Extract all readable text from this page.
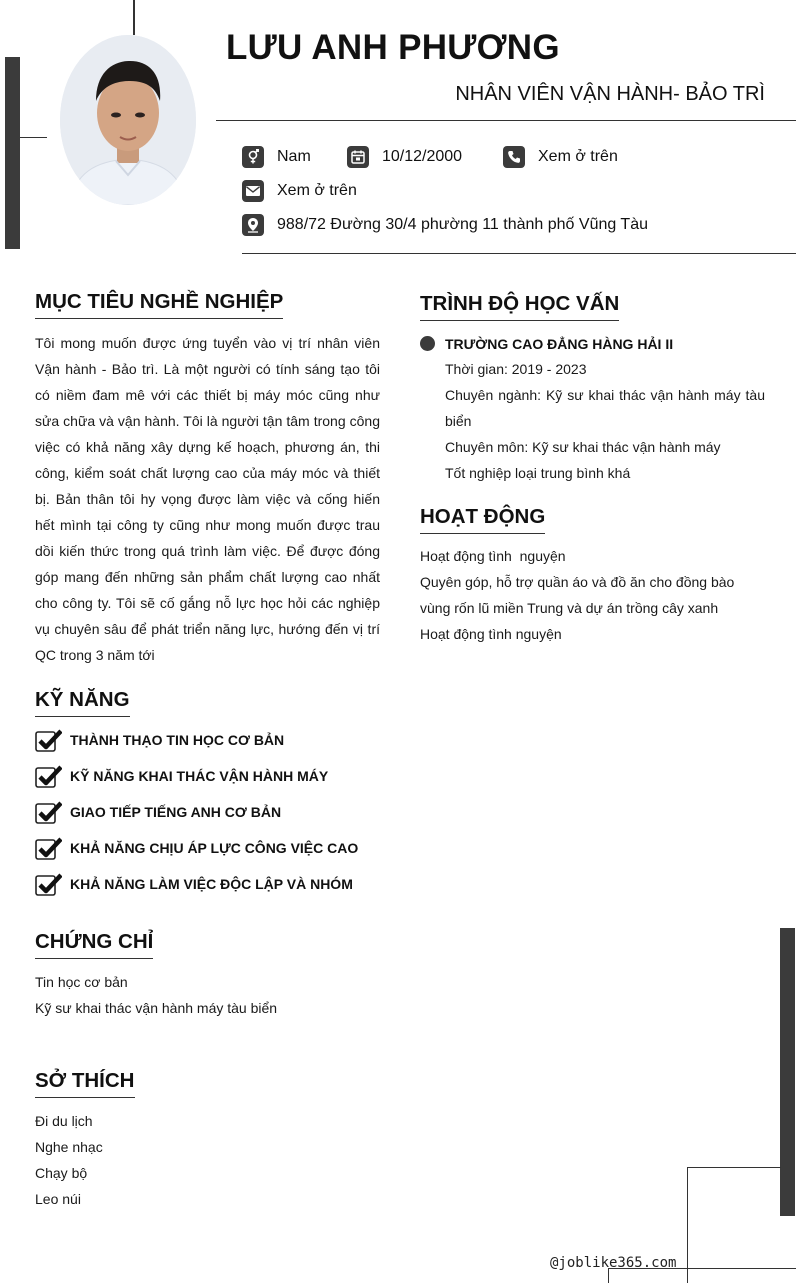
LƯU ANH PHƯƠNG
NHÂN VIÊN VẬN HÀNH- BẢO TRÌ
Nam	10/12/2000	Xem ở trên
Xem ở trên
988/72 Đường 30/4 phường 11 thành phố Vũng Tàu
MỤC TIÊU NGHỀ NGHIỆP
Tôi mong muốn được ứng tuyển vào vị trí nhân viên Vận hành - Bảo trì. Là một người có tính sáng tạo tôi có niềm đam mê với các thiết bị máy móc cũng như sửa chữa và vận hành. Tôi là người tận tâm trong công việc có khả năng xây dựng kế hoạch, phương án, thi công, kiểm soát chất lượng cao của máy móc và thiết bị. Bản thân tôi hy vọng được làm việc và cống hiến hết mình tại công ty cũng như mong muốn được trau dồi kiến thức trong quá trình làm việc. Để được đóng góp mang đến những sản phẩm chất lượng cao nhất cho công ty. Tôi sẽ cố gắng nỗ lực học hỏi các nghiệp vụ chuyên sâu để phát triển năng lực, hướng đến vị trí QC trong 3 năm tới
KỸ NĂNG
THÀNH THẠO TIN HỌC CƠ BẢN
KỸ NĂNG KHAI THÁC VẬN HÀNH MÁY
GIAO TIẾP TIẾNG ANH CƠ BẢN
KHẢ NĂNG CHỊU ÁP LỰC CÔNG VIỆC CAO
KHẢ NĂNG LÀM VIỆC ĐỘC LẬP VÀ NHÓM
CHỨNG CHỈ
Tin học cơ bản
Kỹ sư khai thác vận hành máy tàu biển
SỞ THÍCH
Đi du lịch
Nghe nhạc
Chạy bộ
Leo núi
TRÌNH ĐỘ HỌC VẤN
TRƯỜNG CAO ĐẲNG HÀNG HẢI II
Thời gian: 2019 - 2023
Chuyên ngành: Kỹ sư khai thác vận hành máy tàu biển
Chuyên môn: Kỹ sư khai thác vận hành máy
Tốt nghiệp loại trung bình khá
HOẠT ĐỘNG
Hoạt động tình  nguyện
Quyên góp, hỗ trợ quần áo và đồ ăn cho đồng bào vùng rốn lũ miền Trung và dự án trồng cây xanh
Hoạt động tình nguyện
@joblike365.com
